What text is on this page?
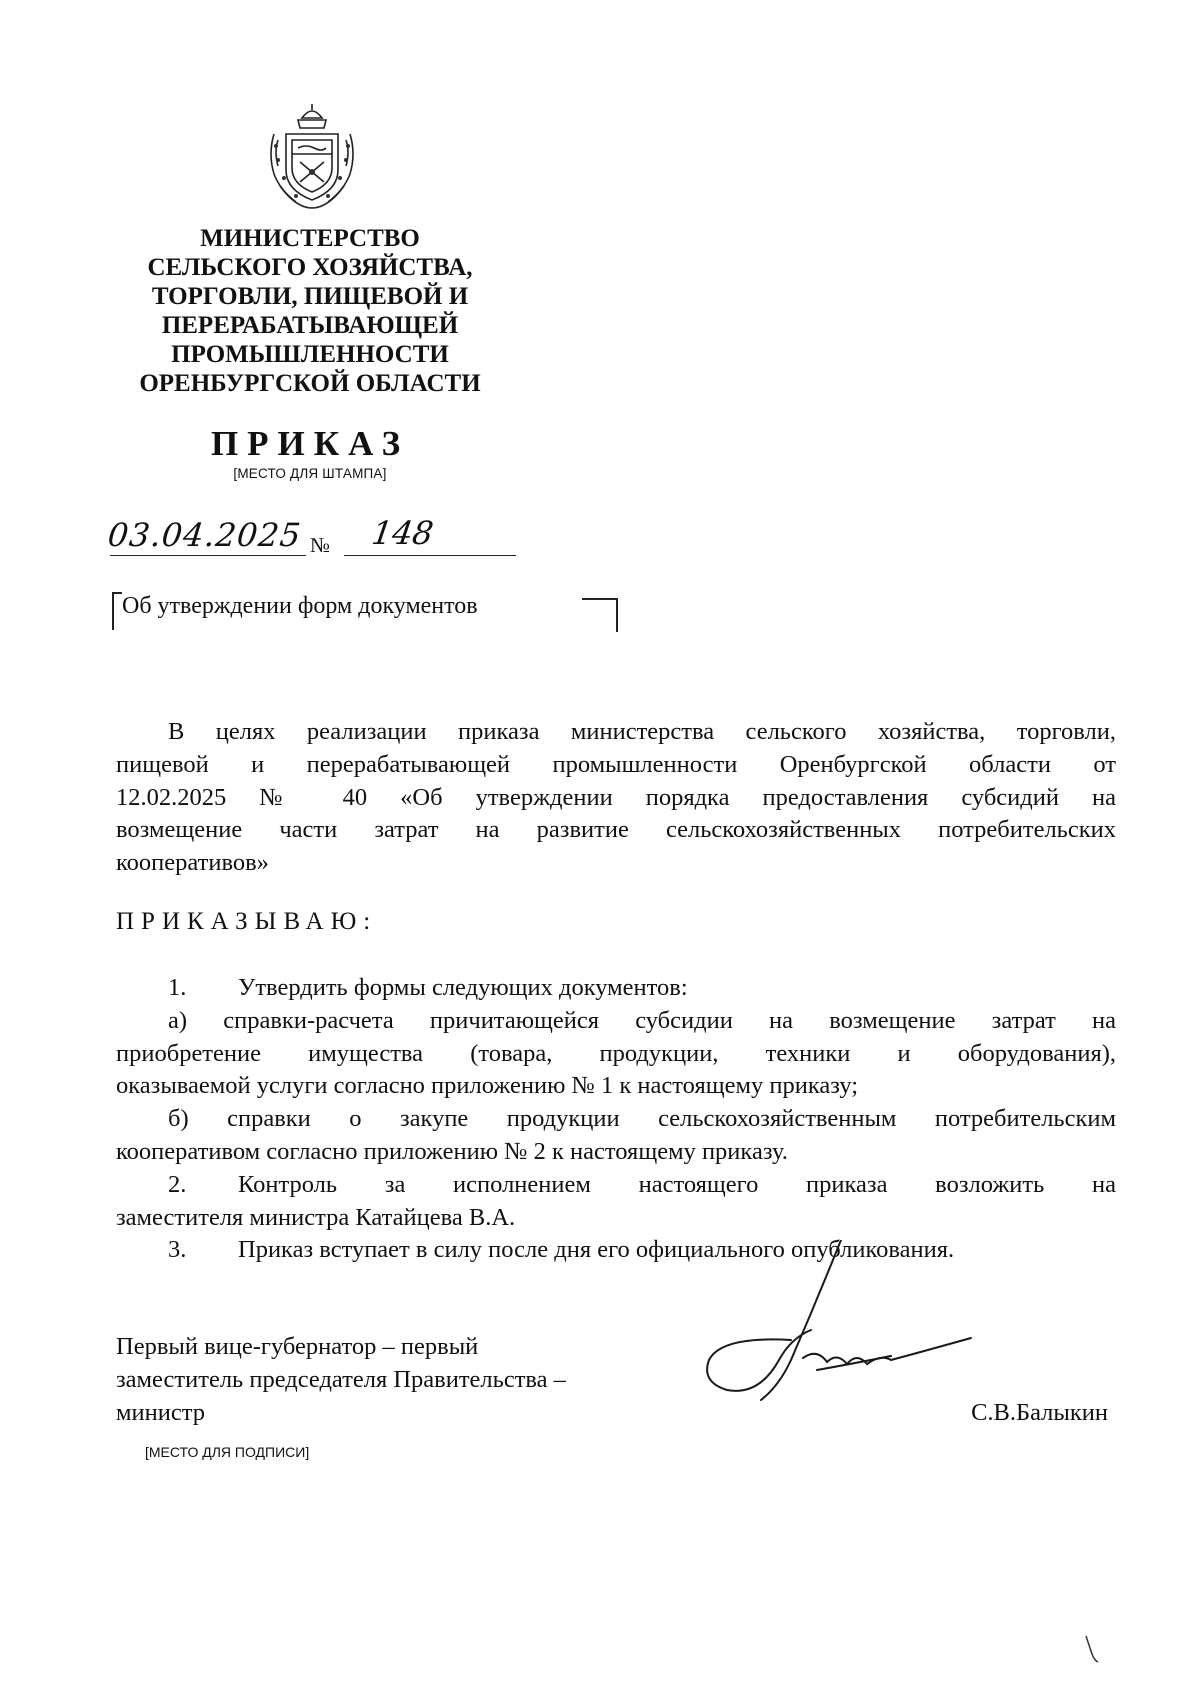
МИНИСТЕРСТВО
СЕЛЬСКОГО ХОЗЯЙСТВА,
ТОРГОВЛИ, ПИЩЕВОЙ И
ПЕРЕРАБАТЫВАЮЩЕЙ
ПРОМЫШЛЕННОСТИ
ОРЕНБУРГСКОЙ ОБЛАСТИ
ПРИКАЗ
[МЕСТО ДЛЯ ШТАМПА]
03.04.2025 № 148
Об утверждении форм документов
В целях реализации приказа министерства сельского хозяйства, торговли,
пищевой и перерабатывающей промышленности Оренбургской области от
12.02.2025 № 40 «Об утверждении порядка предоставления субсидий на
возмещение части затрат на развитие сельскохозяйственных потребительских
кооперативов»
ПРИКАЗЫВАЮ:
1. Утвердить формы следующих документов:
а) справки-расчета причитающейся субсидии на возмещение затрат на
приобретение имущества (товара, продукции, техники и оборудования),
оказываемой услуги согласно приложению № 1 к настоящему приказу;
б) справки о закупе продукции сельскохозяйственным потребительским
кооперативом согласно приложению № 2 к настоящему приказу.
2.	Контроль за исполнением настоящего приказа возложить на
заместителя министра Катайцева В.А.
3. Приказ вступает в силу после дня его официального опубликования.
Первый вице-губернатор – первый
заместитель председателя Правительства –
министр	С.В.Балыкин
[МЕСТО ДЛЯ ПОДПИСИ]
